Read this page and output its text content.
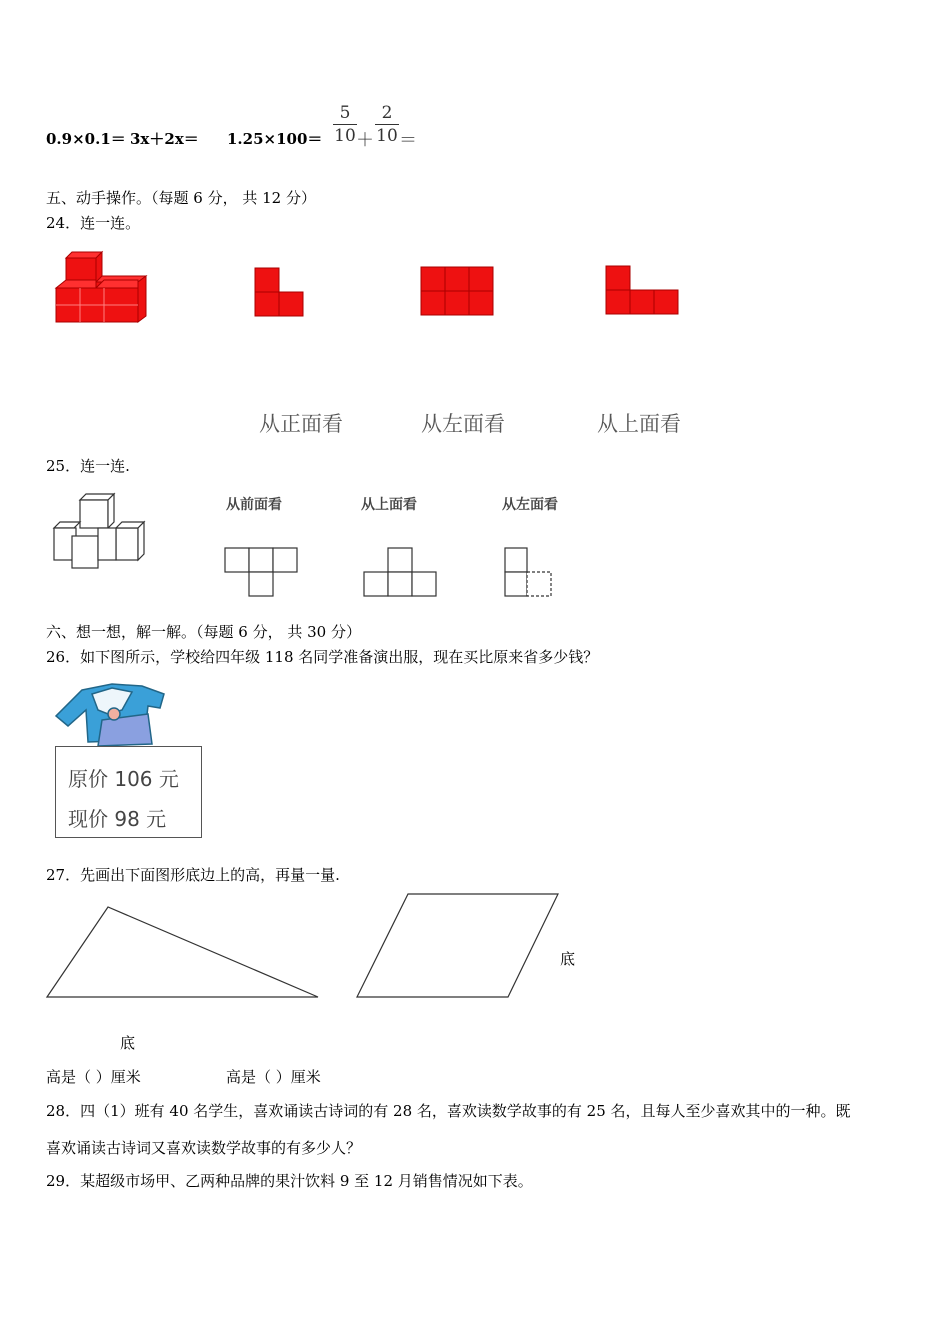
$0.9\times 0.1= 3x+2x= 1.25\times 100= \frac{5}{10} + \frac{2}{10}$ ＝
五、动手操作。（每题 6 分， 共 12 分）
24．连一连。
从正面看	从左面看	从上面看
25．连一连.
从前面看	从上面看	从左面看
六、想一想，解一解。（每题 6 分， 共 30 分）
26．如下图所示，学校给四年级 118 名同学准备演出服，现在买比原来省多少钱？
原价 106 元
现价 98 元
27．先画出下面图形底边上的高，再量一量.
底
底
高是（ ）厘米	高是（ ）厘米
28．四（1）班有 40 名学生，喜欢诵读古诗词的有 28 名，喜欢读数学故事的有 25 名，且每人至少喜欢其中的一种。既
喜欢诵读古诗词又喜欢读数学故事的有多少人？
29．某超级市场甲、乙两种品牌的果汁饮料 9 至 12 月销售情况如下表。
